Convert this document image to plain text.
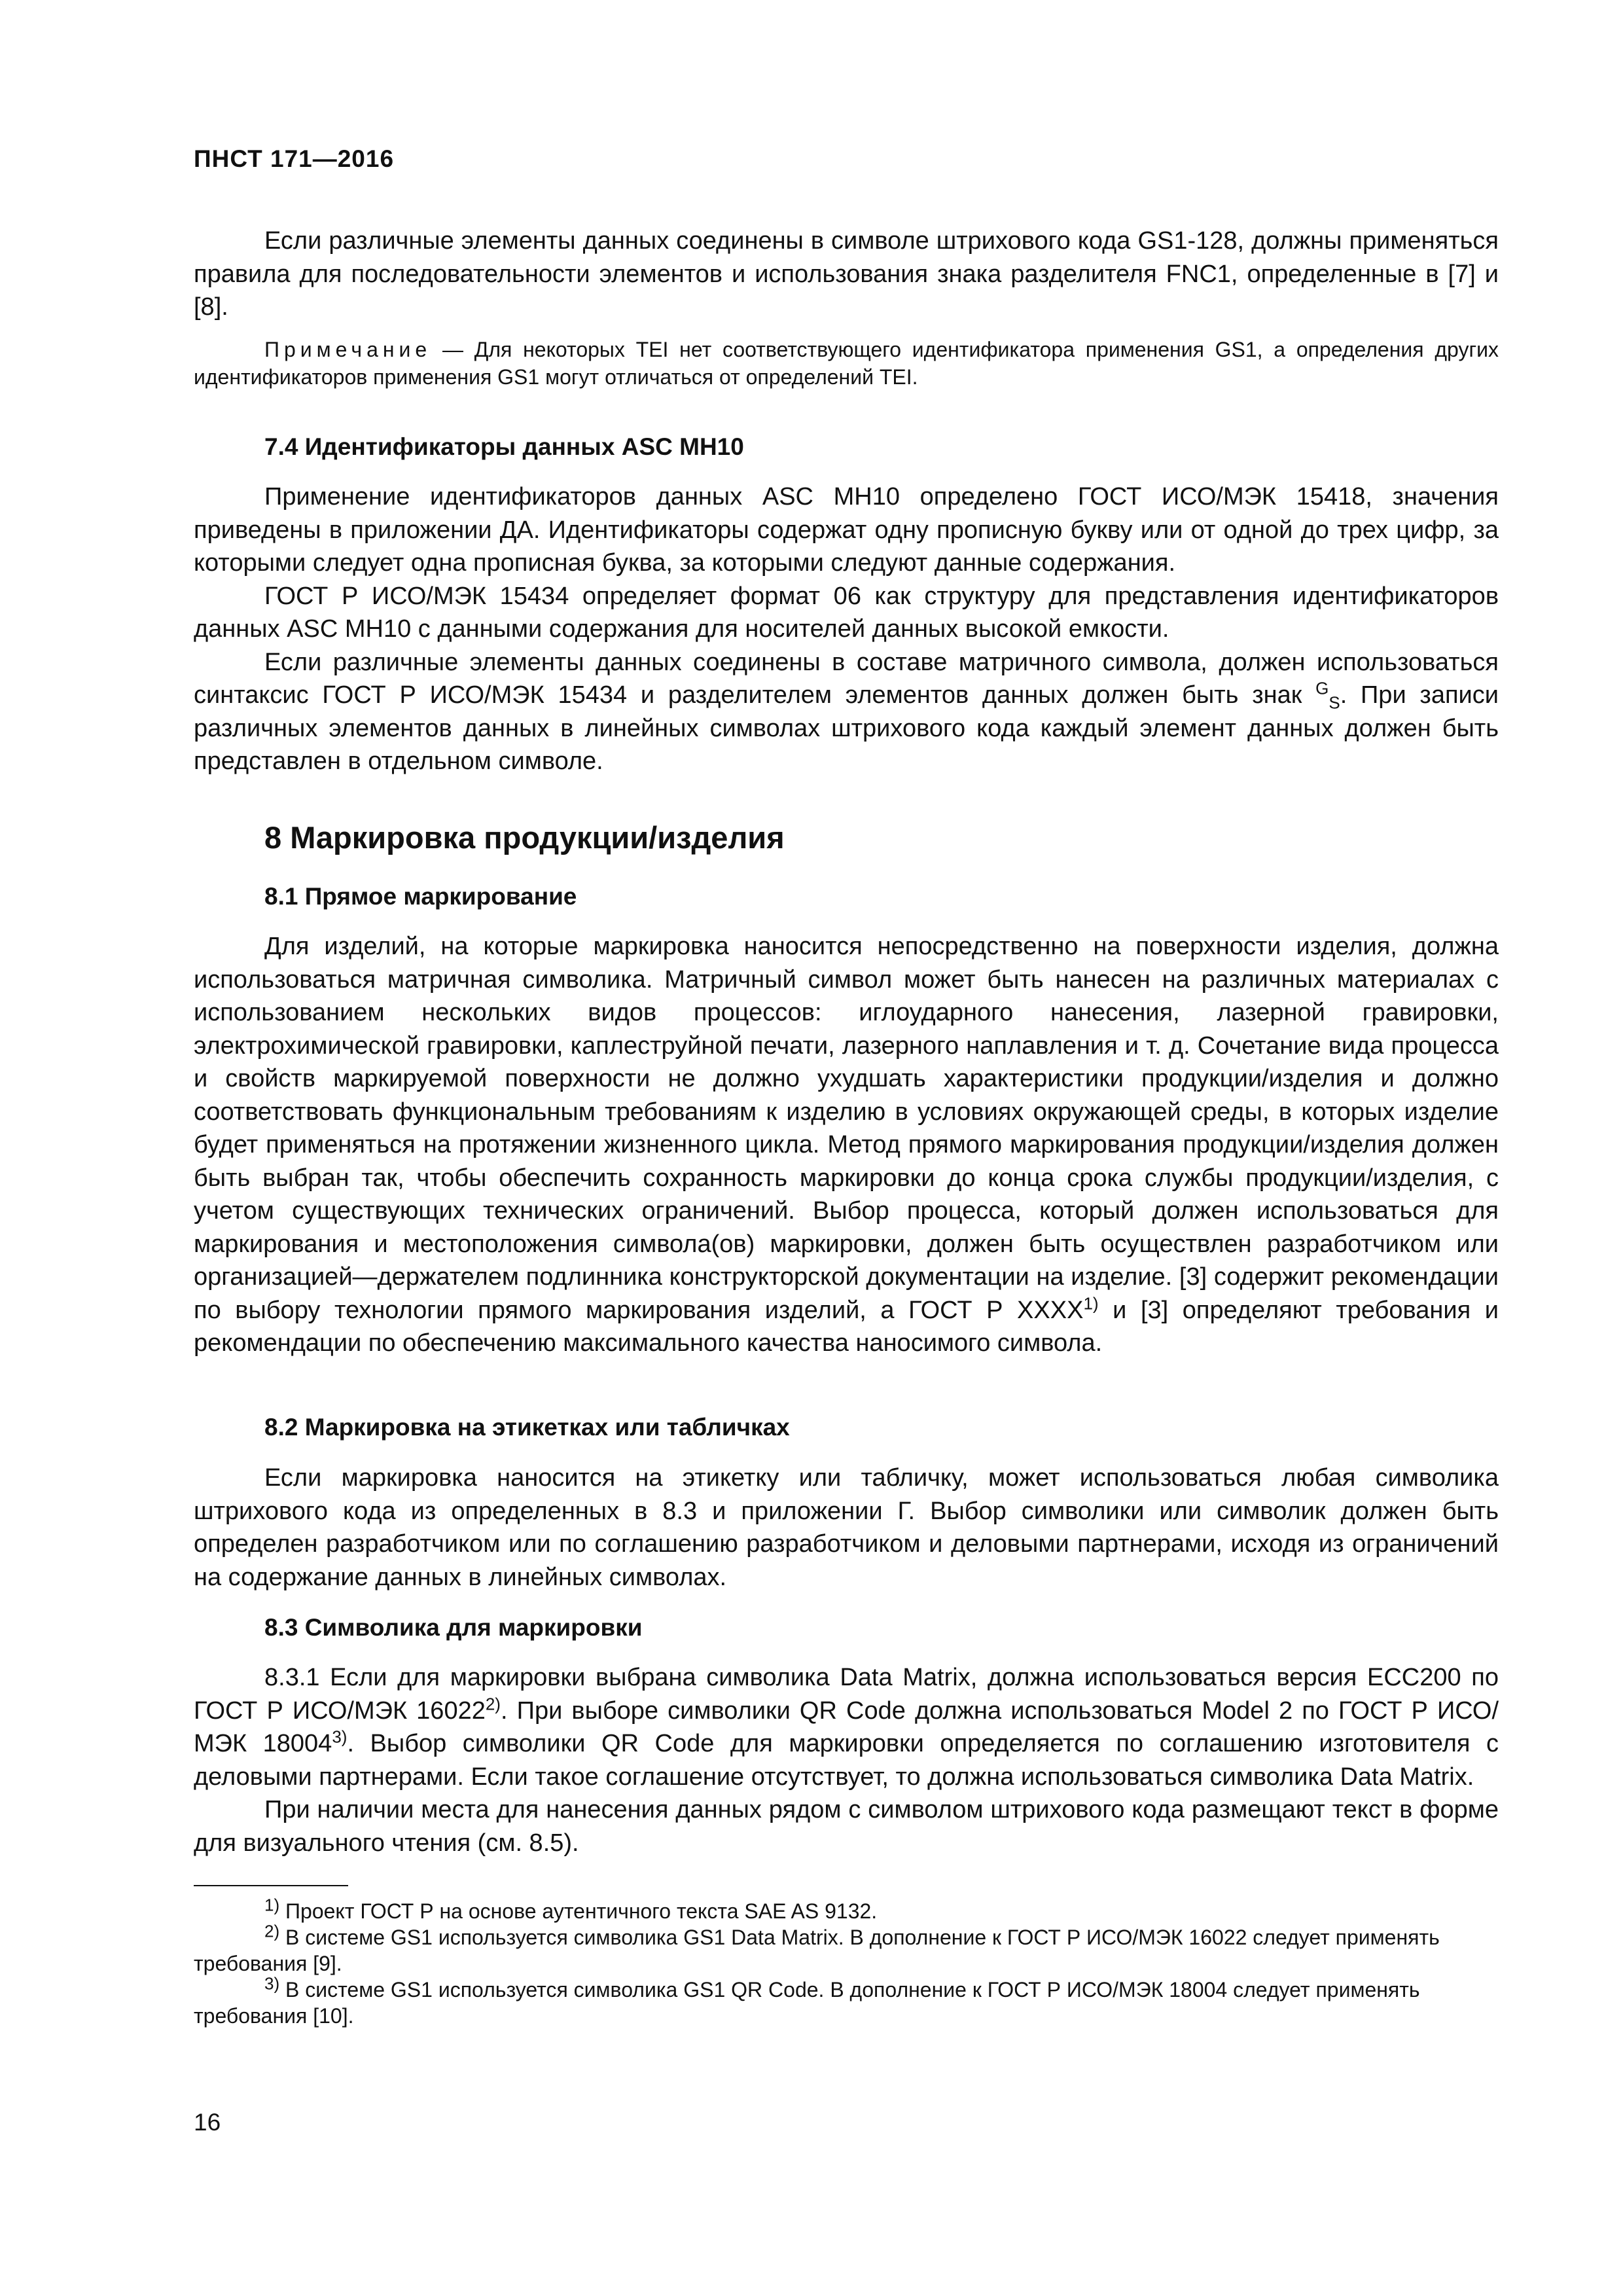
ПНСТ 171—2016

Если различные элементы данных соединены в символе штрихового кода GS1-128, должны применяться правила для последовательности элементов и использования знака разделителя FNC1, определенные в [7] и [8].

Примечание — Для некоторых TEI нет соответствующего идентификатора применения GS1, а определения других идентификаторов применения GS1 могут отличаться от определений TEI.

7.4 Идентификаторы данных ASC MH10

Применение идентификаторов данных ASC MH10 определено ГОСТ ИСО/МЭК 15418, значения приведены в приложении ДА. Идентификаторы содержат одну прописную букву или от одной до трех цифр, за которыми следует одна прописная буква, за которыми следуют данные содержания.

ГОСТ Р ИСО/МЭК 15434 определяет формат 06 как структуру для представления идентификаторов данных ASC MH10 с данными содержания для носителей данных высокой емкости.

Если различные элементы данных соединены в составе матричного символа, должен использоваться синтаксис ГОСТ Р ИСО/МЭК 15434 и разделителем элементов данных должен быть знак $^G_S$. При записи различных элементов данных в линейных символах штрихового кода каждый элемент данных должен быть представлен в отдельном символе.

8 Маркировка продукции/изделия
8.1 Прямое маркирование

Для изделий, на которые маркировка наносится непосредственно на поверхности изделия, должна использоваться матричная символика. Матричный символ может быть нанесен на различных материалах с использованием нескольких видов процессов: иглоударного нанесения, лазерной гравировки, электрохимической гравировки, каплеструйной печати, лазерного наплавления и т. д. Сочетание вида процесса и свойств маркируемой поверхности не должно ухудшать характеристики продукции/изделия и должно соответствовать функциональным требованиям к изделию в условиях окружающей среды, в которых изделие будет применяться на протяжении жизненного цикла. Метод прямого маркирования продукции/изделия должен быть выбран так, чтобы обеспечить сохранность маркировки до конца срока службы продукции/изделия, с учетом существующих технических ограничений. Выбор процесса, который должен использоваться для маркирования и местоположения символа(ов) маркировки, должен быть осуществлен разработчиком или организацией—держателем подлинника конструкторской документации на изделие. [3] содержит рекомендации по выбору технологии прямого маркирования изделий, а ГОСТ Р XXXX$^{1)}$ и [3] определяют требования и рекомендации по обеспечению максимального качества наносимого символа.

8.2 Маркировка на этикетках или табличках

Если маркировка наносится на этикетку или табличку, может использоваться любая символика штрихового кода из определенных в 8.3 и приложении Г. Выбор символики или символик должен быть определен разработчиком или по соглашению разработчиком и деловыми партнерами, исходя из ограничений на содержание данных в линейных символах.

8.3 Символика для маркировки

8.3.1 Если для маркировки выбрана символика Data Matrix, должна использоваться версия ECC200 по ГОСТ Р ИСО/МЭК 16022$^{2)}$. При выборе символики QR Code должна использоваться Model 2 по ГОСТ Р ИСО/МЭК 18004$^{3)}$. Выбор символики QR Code для маркировки определяется по соглашению изготовителя с деловыми партнерами. Если такое соглашение отсутствует, то должна использоваться символика Data Matrix.

При наличии места для нанесения данных рядом с символом штрихового кода размещают текст в форме для визуального чтения (см. 8.5).

$^{1)}$ Проект ГОСТ Р на основе аутентичного текста SAE AS 9132.

$^{2)}$ В системе GS1 используется символика GS1 Data Matrix. В дополнение к ГОСТ Р ИСО/МЭК 16022 следует применять требования [9].

$^{3)}$ В системе GS1 используется символика GS1 QR Code. В дополнение к ГОСТ Р ИСО/МЭК 18004 следует применять требования [10].

16
